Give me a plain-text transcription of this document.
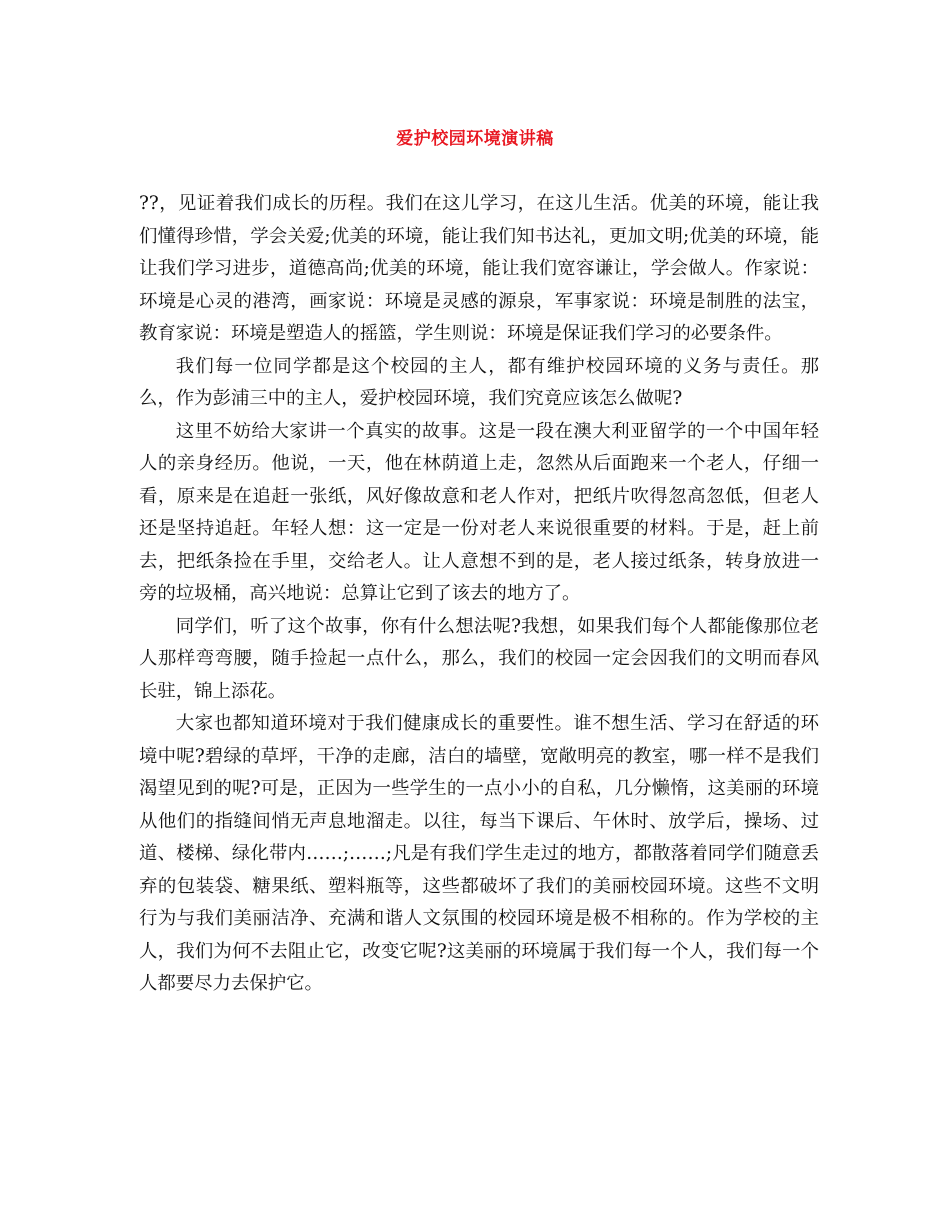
爱护校园环境演讲稿

??，见证着我们成长的历程。我们在这儿学习，在这儿生活。优美的环境，能让我们懂得珍惜，学会关爱;优美的环境，能让我们知书达礼，更加文明;优美的环境，能让我们学习进步，道德高尚;优美的环境，能让我们宽容谦让，学会做人。作家说：环境是心灵的港湾，画家说：环境是灵感的源泉，军事家说：环境是制胜的法宝，教育家说：环境是塑造人的摇篮，学生则说：环境是保证我们学习的必要条件。

我们每一位同学都是这个校园的主人，都有维护校园环境的义务与责任。那么，作为彭浦三中的主人，爱护校园环境，我们究竟应该怎么做呢?

这里不妨给大家讲一个真实的故事。这是一段在澳大利亚留学的一个中国年轻人的亲身经历。他说，一天，他在林荫道上走，忽然从后面跑来一个老人，仔细一看，原来是在追赶一张纸，风好像故意和老人作对，把纸片吹得忽高忽低，但老人还是坚持追赶。年轻人想：这一定是一份对老人来说很重要的材料。于是，赶上前去，把纸条捡在手里，交给老人。让人意想不到的是，老人接过纸条，转身放进一旁的垃圾桶，高兴地说：总算让它到了该去的地方了。

同学们，听了这个故事，你有什么想法呢?我想，如果我们每个人都能像那位老人那样弯弯腰，随手捡起一点什么，那么，我们的校园一定会因我们的文明而春风长驻，锦上添花。

大家也都知道环境对于我们健康成长的重要性。谁不想生活、学习在舒适的环境中呢?碧绿的草坪，干净的走廊，洁白的墙壁，宽敞明亮的教室，哪一样不是我们渴望见到的呢?可是，正因为一些学生的一点小小的自私，几分懒惰，这美丽的环境从他们的指缝间悄无声息地溜走。以往，每当下课后、午休时、放学后，操场、过道、楼梯、绿化带内……;……;凡是有我们学生走过的地方，都散落着同学们随意丢弃的包装袋、糖果纸、塑料瓶等，这些都破坏了我们的美丽校园环境。这些不文明行为与我们美丽洁净、充满和谐人文氛围的校园环境是极不相称的。作为学校的主人，我们为何不去阻止它，改变它呢?这美丽的环境属于我们每一个人，我们每一个人都要尽力去保护它。
